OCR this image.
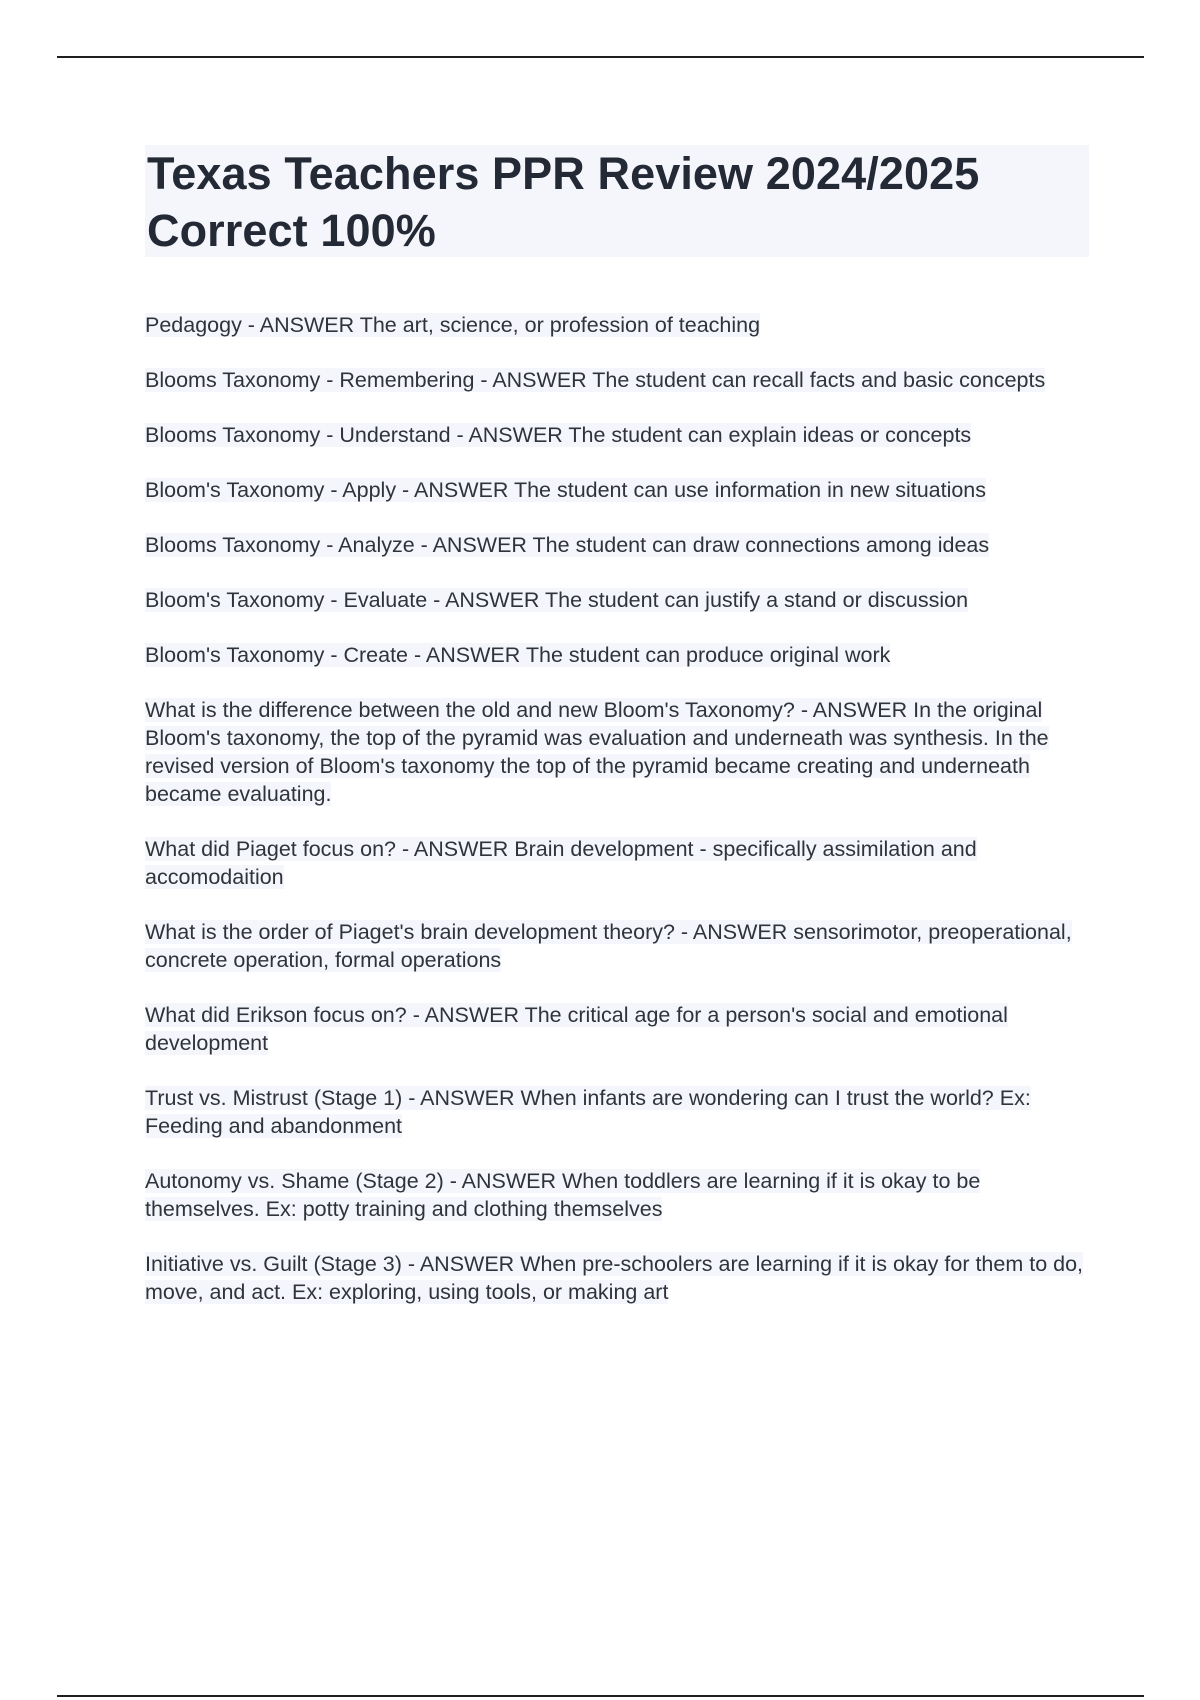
Texas Teachers PPR Review 2024/2025 Correct 100%
Pedagogy - ANSWER The art, science, or profession of teaching
Blooms Taxonomy - Remembering - ANSWER The student can recall facts and basic concepts
Blooms Taxonomy - Understand - ANSWER The student can explain ideas or concepts
Bloom's Taxonomy - Apply - ANSWER The student can use information in new situations
Blooms Taxonomy - Analyze - ANSWER The student can draw connections among ideas
Bloom's Taxonomy - Evaluate - ANSWER The student can justify a stand or discussion
Bloom's Taxonomy - Create - ANSWER The student can produce original work
What is the difference between the old and new Bloom's Taxonomy? - ANSWER In the original Bloom's taxonomy, the top of the pyramid was evaluation and underneath was synthesis. In the revised version of Bloom's taxonomy the top of the pyramid became creating and underneath became evaluating.
What did Piaget focus on? - ANSWER Brain development - specifically assimilation and accomodaition
What is the order of Piaget's brain development theory? - ANSWER sensorimotor, preoperational, concrete operation, formal operations
What did Erikson focus on? - ANSWER The critical age for a person's social and emotional development
Trust vs. Mistrust (Stage 1) - ANSWER When infants are wondering can I trust the world? Ex: Feeding and abandonment
Autonomy vs. Shame (Stage 2) - ANSWER When toddlers are learning if it is okay to be themselves. Ex: potty training and clothing themselves
Initiative vs. Guilt (Stage 3) - ANSWER When pre-schoolers are learning if it is okay for them to do, move, and act. Ex: exploring, using tools, or making art
